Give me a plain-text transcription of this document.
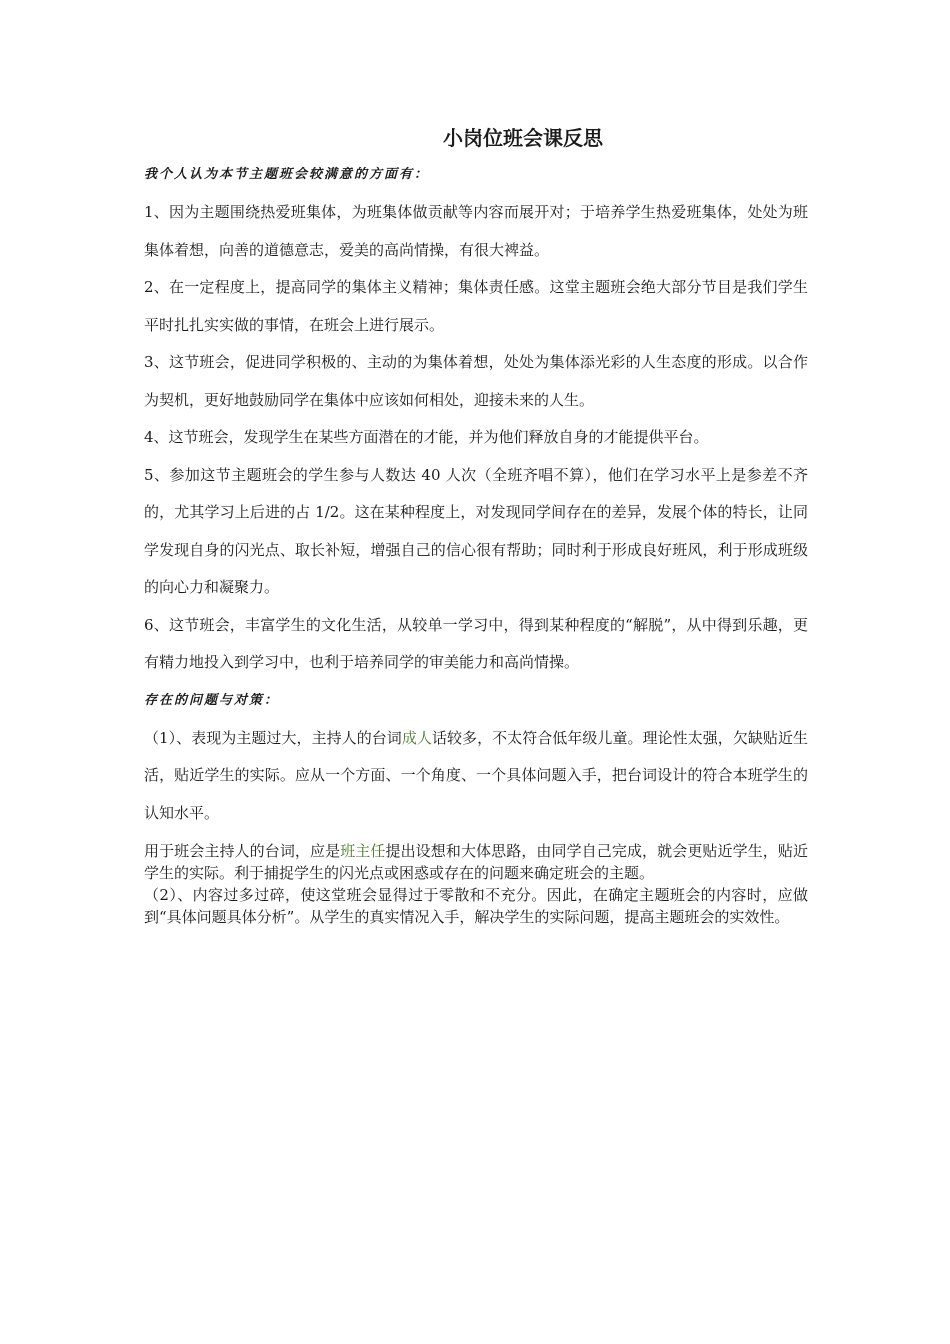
小岗位班会课反思
我个人认为本节主题班会较满意的方面有：

1、因为主题围绕热爱班集体，为班集体做贡献等内容而展开对；于培养学生热爱班集体，处处为班集体着想，向善的道德意志，爱美的高尚情操，有很大裨益。

2、在一定程度上，提高同学的集体主义精神；集体责任感。这堂主题班会绝大部分节目是我们学生平时扎扎实实做的事情，在班会上进行展示。

3、这节班会，促进同学积极的、主动的为集体着想，处处为集体添光彩的人生态度的形成。以合作为契机，更好地鼓励同学在集体中应该如何相处，迎接未来的人生。

4、这节班会，发现学生在某些方面潜在的才能，并为他们释放自身的才能提供平台。

5、参加这节主题班会的学生参与人数达 40 人次（全班齐唱不算），他们在学习水平上是参差不齐的，尤其学习上后进的占 1/2。这在某种程度上，对发现同学间存在的差异，发展个体的特长，让同学发现自身的闪光点、取长补短，增强自己的信心很有帮助；同时利于形成良好班风，利于形成班级的向心力和凝聚力。

6、这节班会，丰富学生的文化生活，从较单一学习中，得到某种程度的“解脱”，从中得到乐趣，更有精力地投入到学习中，也利于培养同学的审美能力和高尚情操。

存在的问题与对策：

（1）、表现为主题过大，主持人的台词成人话较多，不太符合低年级儿童。理论性太强，欠缺贴近生活，贴近学生的实际。应从一个方面、一个角度、一个具体问题入手，把台词设计的符合本班学生的认知水平。

用于班会主持人的台词，应是班主任提出设想和大体思路，由同学自己完成，就会更贴近学生，贴近学生的实际。利于捕捉学生的闪光点或困惑或存在的问题来确定班会的主题。

（2）、内容过多过碎，使这堂班会显得过于零散和不充分。因此，在确定主题班会的内容时，应做到“具体问题具体分析”。从学生的真实情况入手，解决学生的实际问题，提高主题班会的实效性。
